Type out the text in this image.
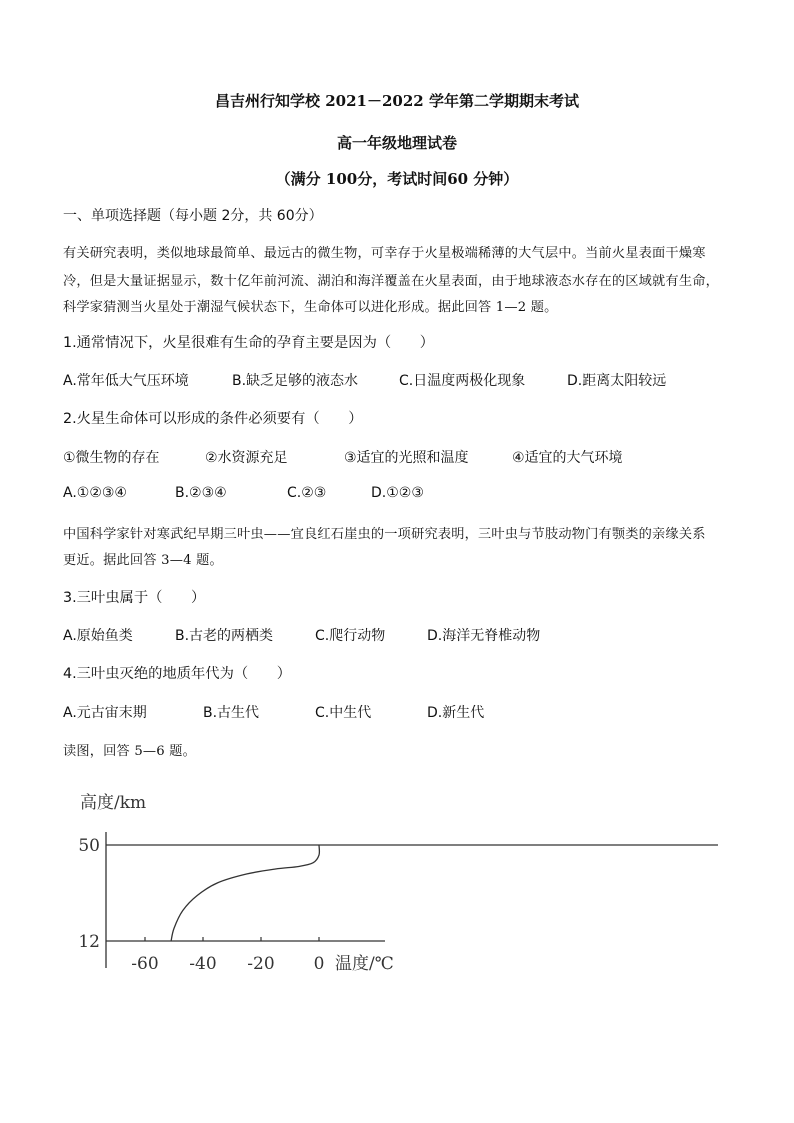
昌吉州行知学校 2021－2022 学年第二学期期末考试
高一年级地理试卷
（满分 100分，考试时间60 分钟）
一、单项选择题（每小题 2分，共 60分）
有关研究表明，类似地球最简单、最远古的微生物，可幸存于火星极端稀薄的大气层中。当前火星表面干燥寒
冷，但是大量证据显示，数十亿年前河流、湖泊和海洋覆盖在火星表面，由于地球液态水存在的区域就有生命，
科学家猜测当火星处于潮湿气候状态下，生命体可以进化形成。据此回答 1—2 题。
1.通常情况下，火星很难有生命的孕育主要是因为（　　）
A.常年低大气压环境	B.缺乏足够的液态水	C.日温度两极化现象	D.距离太阳较远
2.火星生命体可以形成的条件必须要有（　　）
①微生物的存在	②水资源充足	③适宜的光照和温度	④适宜的大气环境
A.①②③④	B.②③④	C.②③	D.①②③
中国科学家针对寒武纪早期三叶虫——宜良红石崖虫的一项研究表明，三叶虫与节肢动物门有颚类的亲缘关系
更近。据此回答 3—4 题。
3.三叶虫属于（　　）
A.原始鱼类	B.古老的两栖类	C.爬行动物	D.海洋无脊椎动物
4.三叶虫灭绝的地质年代为（　　）
A.元古宙末期	B.古生代	C.中生代	D.新生代
读图，回答 5—6 题。
高度/km
温度/℃
50
12
-60 -40 -20 0
